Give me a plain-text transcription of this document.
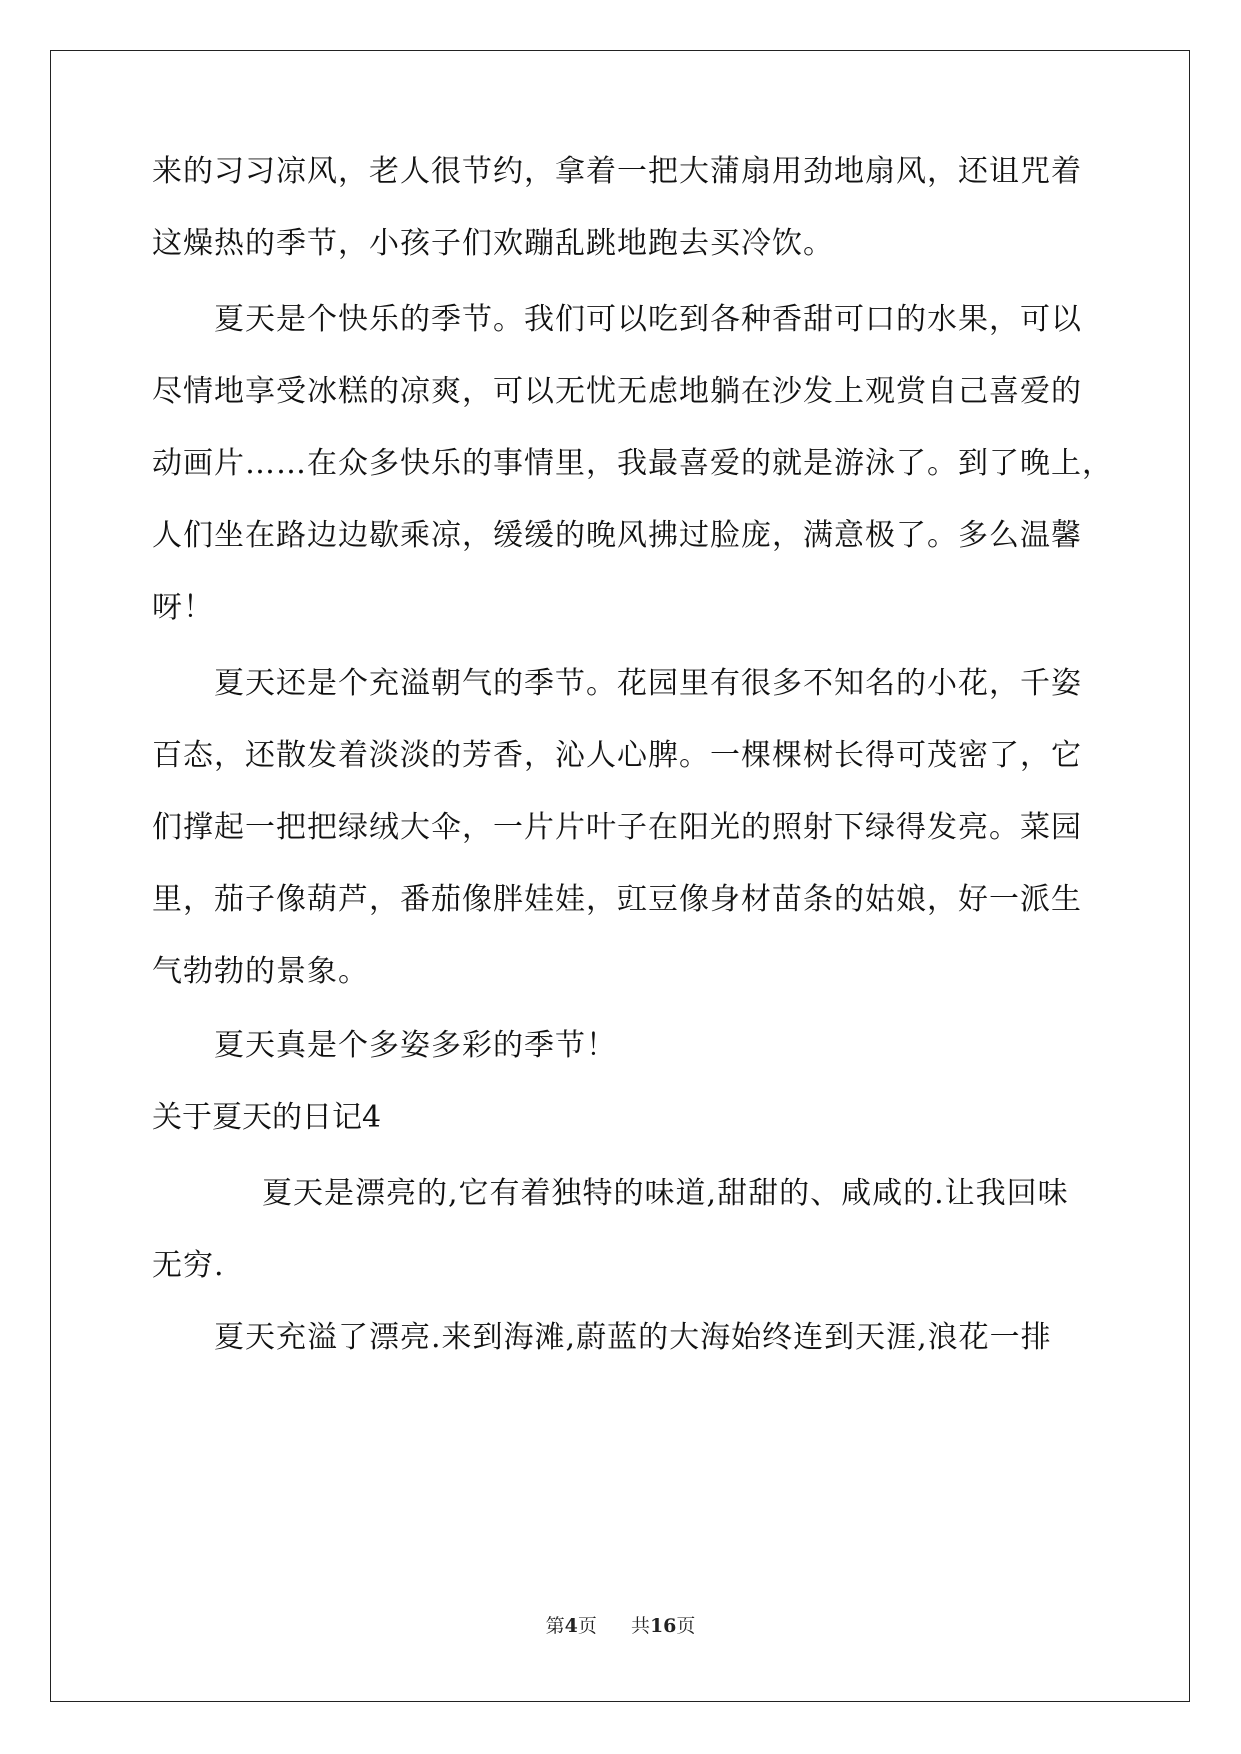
来的习习凉风，老人很节约，拿着一把大蒲扇用劲地扇风，还诅咒着
这燥热的季节，小孩子们欢蹦乱跳地跑去买冷饮。
夏天是个快乐的季节。我们可以吃到各种香甜可口的水果，可以
尽情地享受冰糕的凉爽，可以无忧无虑地躺在沙发上观赏自己喜爱的
动画片……在众多快乐的事情里，我最喜爱的就是游泳了。到了晚上，
人们坐在路边边歇乘凉，缓缓的晚风拂过脸庞，满意极了。多么温馨
呀！
夏天还是个充溢朝气的季节。花园里有很多不知名的小花，千姿
百态，还散发着淡淡的芳香，沁人心脾。一棵棵树长得可茂密了，它
们撑起一把把绿绒大伞，一片片叶子在阳光的照射下绿得发亮。菜园
里，茄子像葫芦，番茄像胖娃娃，豇豆像身材苗条的姑娘，好一派生
气勃勃的景象。
夏天真是个多姿多彩的季节！
关于夏天的日记4
夏天是漂亮的,它有着独特的味道,甜甜的、咸咸的.让我回味
无穷.
夏天充溢了漂亮.来到海滩,蔚蓝的大海始终连到天涯,浪花一排
第4页 共16页
